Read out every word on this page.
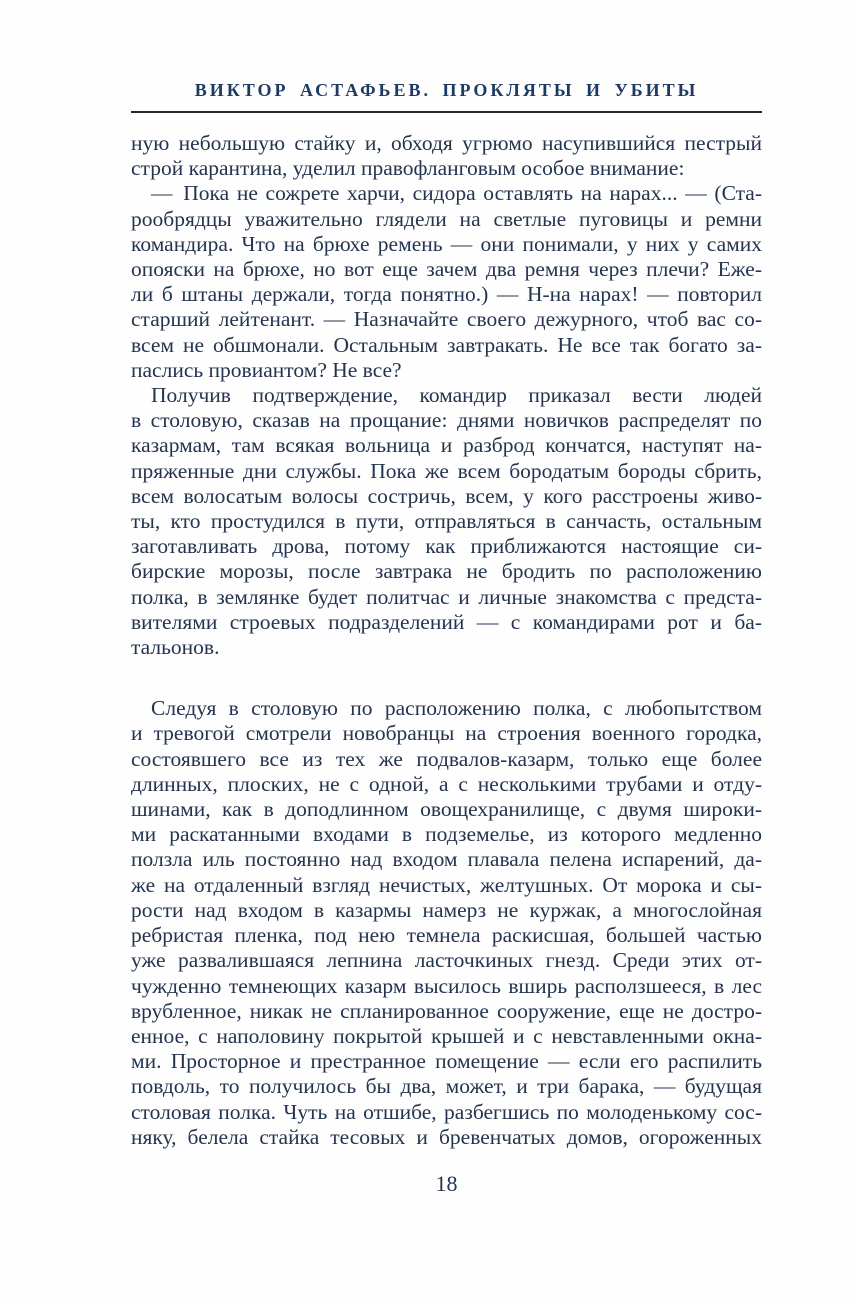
ВИКТОР АСТАФЬЕВ. ПРОКЛЯТЫ И УБИТЫ
ную небольшую стайку и, обходя угрюмо насупившийся пестрый
строй карантина, уделил правофланговым особое внимание:
— Пока не сожрете харчи, сидора оставлять на нарах... — (Ста-
рообрядцы уважительно глядели на светлые пуговицы и ремни
командира. Что на брюхе ремень — они понимали, у них у самих
опояски на брюхе, но вот еще зачем два ремня через плечи? Еже-
ли б штаны держали, тогда понятно.) — Н-на нарах! — повторил
старший лейтенант. — Назначайте своего дежурного, чтоб вас со-
всем не обшмонали. Остальным завтракать. Не все так богато за-
паслись провиантом? Не все?
Получив подтверждение, командир приказал вести людей
в столовую, сказав на прощание: днями новичков распределят по
казармам, там всякая вольница и разброд кончатся, наступят на-
пряженные дни службы. Пока же всем бородатым бороды сбрить,
всем волосатым волосы состричь, всем, у кого расстроены живо-
ты, кто простудился в пути, отправляться в санчасть, остальным
заготавливать дрова, потому как приближаются настоящие си-
бирские морозы, после завтрака не бродить по расположению
полка, в землянке будет политчас и личные знакомства с предста-
вителями строевых подразделений — с командирами рот и ба-
тальонов.
Следуя в столовую по расположению полка, с любопытством
и тревогой смотрели новобранцы на строения военного городка,
состоявшего все из тех же подвалов-казарм, только еще более
длинных, плоских, не с одной, а с несколькими трубами и отду-
шинами, как в доподлинном овощехранилище, с двумя широки-
ми раскатанными входами в подземелье, из которого медленно
ползла иль постоянно над входом плавала пелена испарений, да-
же на отдаленный взгляд нечистых, желтушных. От морока и сы-
рости над входом в казармы намерз не куржак, а многослойная
ребристая пленка, под нею темнела раскисшая, большей частью
уже развалившаяся лепнина ласточкиных гнезд. Среди этих от-
чужденно темнеющих казарм высилось вширь расползшееся, в лес
врубленное, никак не спланированное сооружение, еще не достро-
енное, с наполовину покрытой крышей и с невставленными окна-
ми. Просторное и престранное помещение — если его распилить
повдоль, то получилось бы два, может, и три барака, — будущая
столовая полка. Чуть на отшибе, разбегшись по молоденькому сос-
няку, белела стайка тесовых и бревенчатых домов, огороженных
18
